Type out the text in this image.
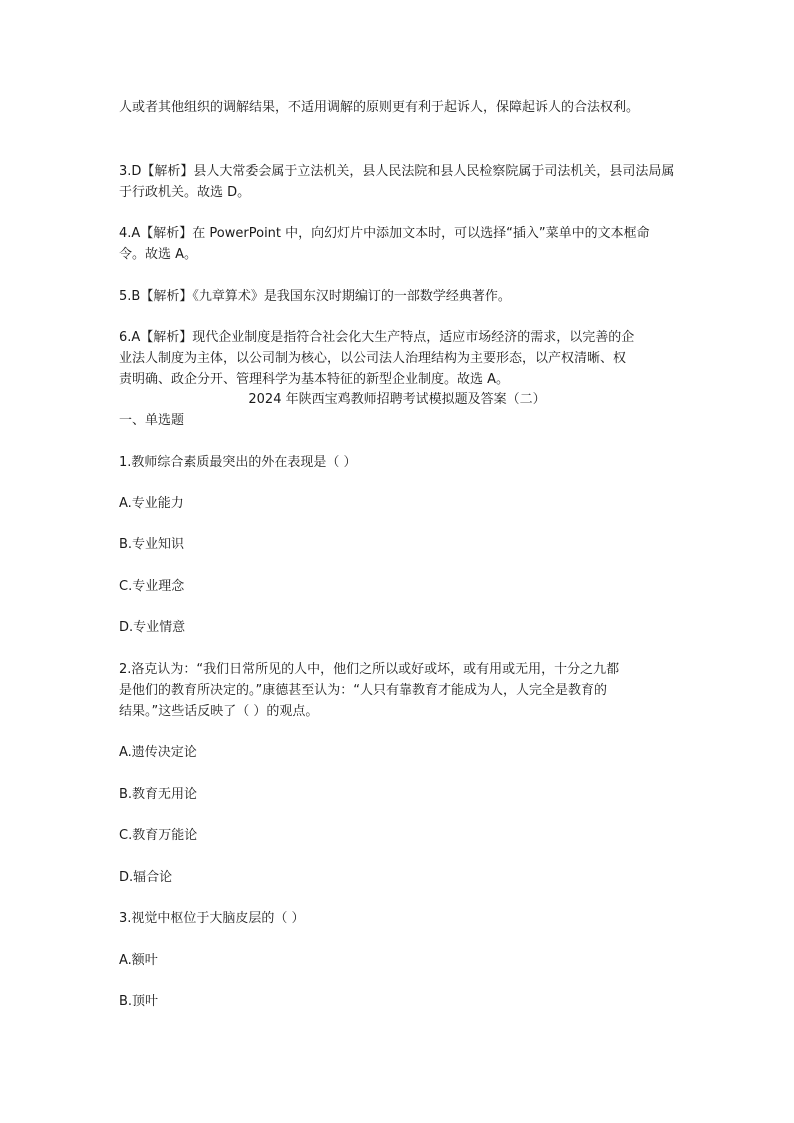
人或者其他组织的调解结果，不适用调解的原则更有利于起诉人，保障起诉人的合法权利。

3.D【解析】县人大常委会属于立法机关，县人民法院和县人民检察院属于司法机关，县司法局属于行政机关。故选 D。

4.A【解析】在 PowerPoint 中，向幻灯片中添加文本时，可以选择“插入”菜单中的文本框命令。故选 A。

5.B【解析】《九章算术》是我国东汉时期编订的一部数学经典著作。

6.A【解析】现代企业制度是指符合社会化大生产特点，适应市场经济的需求，以完善的企
业法人制度为主体，以公司制为核心，以公司法人治理结构为主要形态，以产权清晰、权
责明确、政企分开、管理科学为基本特征的新型企业制度。故选 A。

2024 年陕西宝鸡教师招聘考试模拟题及答案（二）

一、单选题

1.教师综合素质最突出的外在表现是（ ）

A.专业能力

B.专业知识

C.专业理念

D.专业情意

2.洛克认为：“我们日常所见的人中，他们之所以或好或坏，或有用或无用，十分之九都
是他们的教育所决定的。”康德甚至认为：“人只有靠教育才能成为人，人完全是教育的
结果。”这些话反映了（ ）的观点。

A.遗传决定论

B.教育无用论

C.教育万能论

D.辐合论

3.视觉中枢位于大脑皮层的（ ）

A.额叶

B.顶叶
